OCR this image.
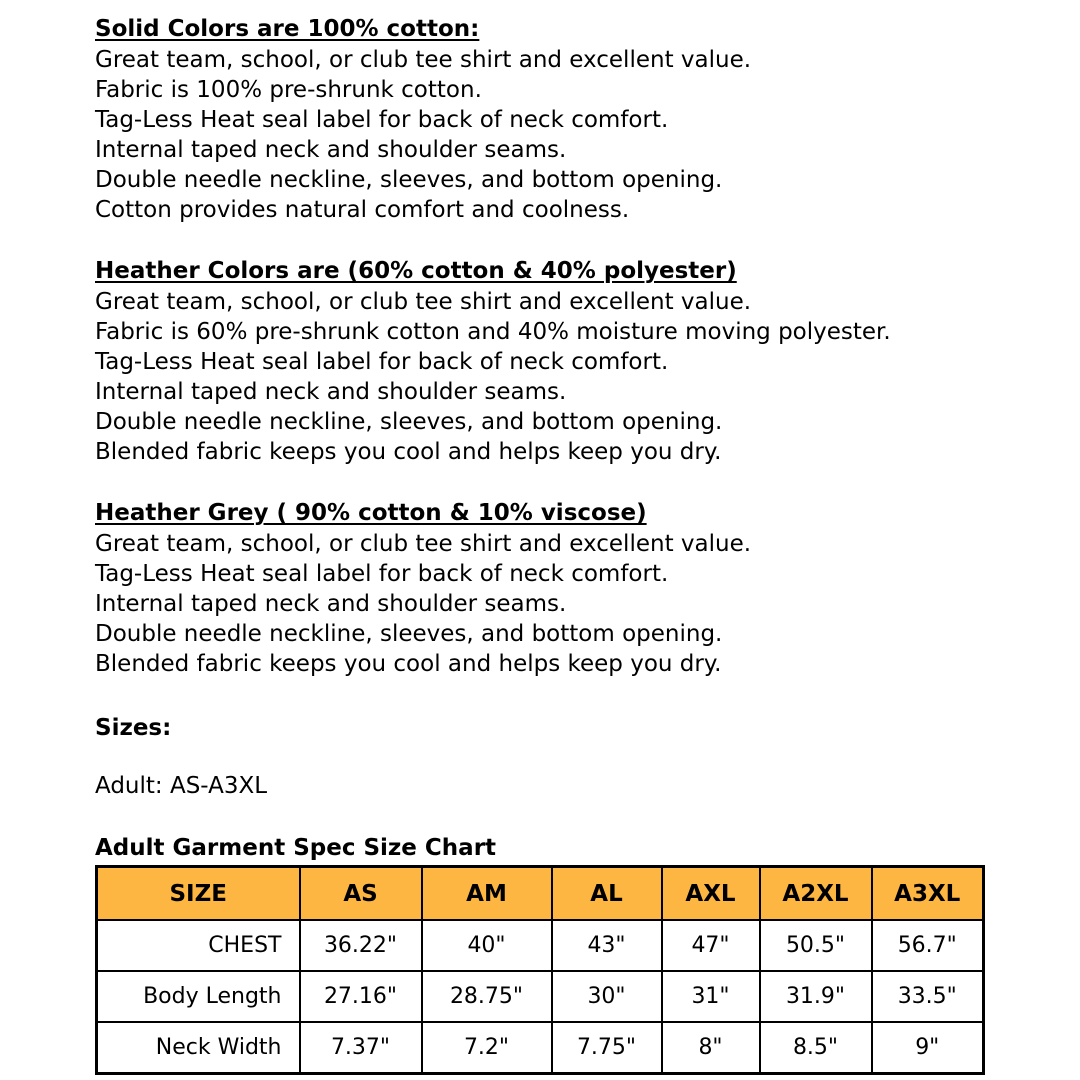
Solid Colors are 100% cotton:

Great team, school, or club tee shirt and excellent value.

Fabric is 100% pre-shrunk cotton.

Tag-Less Heat seal label for back of neck comfort.

Internal taped neck and shoulder seams.

Double needle neckline, sleeves, and bottom opening.

Cotton provides natural comfort and coolness.

Heather Colors are (60% cotton & 40% polyester)

Great team, school, or club tee shirt and excellent value.

Fabric is 60% pre-shrunk cotton and 40% moisture moving polyester.

Tag-Less Heat seal label for back of neck comfort.

Internal taped neck and shoulder seams.

Double needle neckline, sleeves, and bottom opening.

Blended fabric keeps you cool and helps keep you dry.

Heather Grey ( 90% cotton & 10% viscose)

Great team, school, or club tee shirt and excellent value.

Tag-Less Heat seal label for back of neck comfort.

Internal taped neck and shoulder seams.

Double needle neckline, sleeves, and bottom opening.

Blended fabric keeps you cool and helps keep you dry.

Sizes:

Adult: AS-A3XL

Adult Garment Spec Size Chart
SIZE	AS	AM	AL	AXL	A2XL	A3XL
CHEST	36.22"	40"	43"	47"	50.5"	56.7"
Body Length	27.16"	28.75"	30"	31"	31.9"	33.5"
Neck Width	7.37"	7.2"	7.75"	8"	8.5"	9"
